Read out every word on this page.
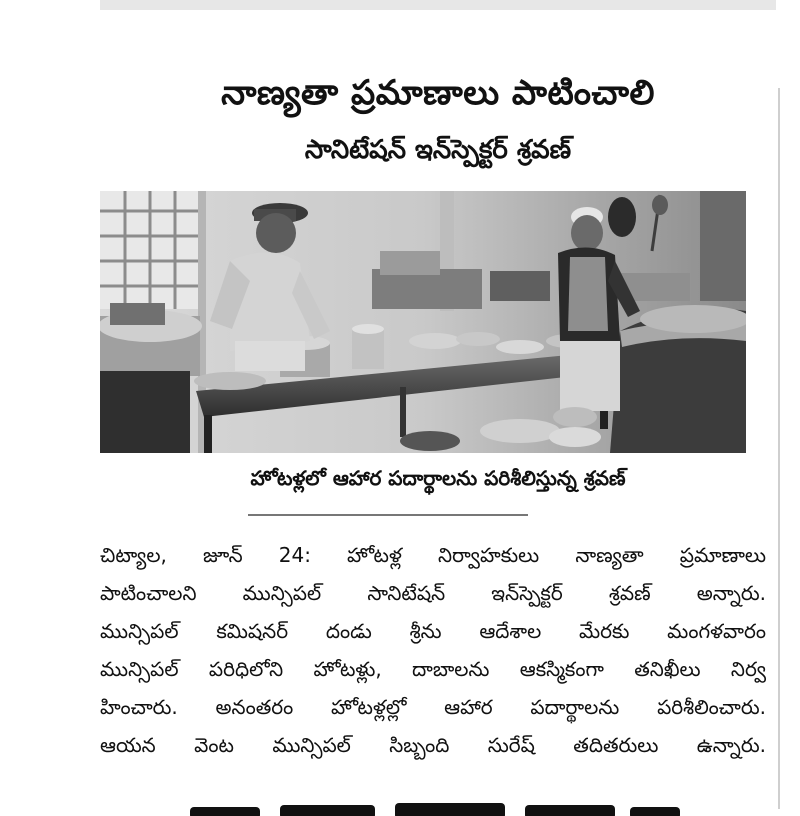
నాణ్యతా ప్రమాణాలు పాటించాలి
సానిటేషన్ ఇన్‌స్పెక్టర్ శ్రవణ్
హోటళ్లలో ఆహార పదార్థాలను పరిశీలిస్తున్న శ్రవణ్
చిట్యాల, జూన్ 24: హోటళ్ల నిర్వాహకులు నాణ్యతా ప్రమాణాలు
పాటించాలని మున్సిపల్ సానిటేషన్ ఇన్‌స్పెక్టర్ శ్రవణ్ అన్నారు.
మున్సిపల్ కమిషనర్ దండు శ్రీను ఆదేశాల మేరకు మంగళవారం
మున్సిపల్ పరిధిలోని హోటళ్లు, దాబాలను ఆకస్మికంగా తనిఖీలు నిర్వ
హించారు. అనంతరం హోటళ్లల్లో ఆహార పదార్థాలను పరిశీలించారు.
ఆయన వెంట మున్సిపల్ సిబ్బంది సురేష్ తదితరులు ఉన్నారు.
